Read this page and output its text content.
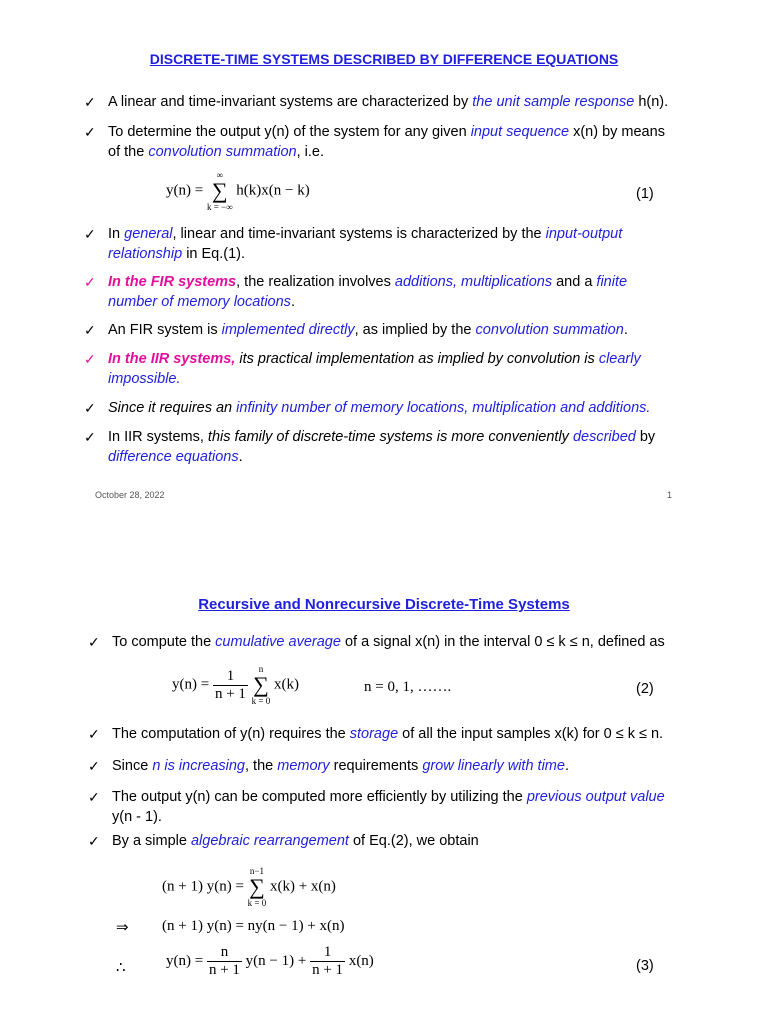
DISCRETE-TIME SYSTEMS DESCRIBED BY DIFFERENCE EQUATIONS
✓ A linear and time-invariant systems are characterized by the unit sample response h(n).
✓ To determine the output y(n) of the system for any given input sequence x(n) by means
of the convolution summation, i.e.
y(n) =
∞
∑
k = −∞
h(k)x(n − k)	(1)
✓ In general, linear and time-invariant systems is characterized by the input-output
relationship in Eq.(1).
✓ In the FIR systems, the realization involves additions, multiplications and a finite
number of memory locations.
✓ An FIR system is implemented directly, as implied by the convolution summation.
✓ In the IIR systems, its practical implementation as implied by convolution is clearly
impossible.
✓ Since it requires an infinity number of memory locations, multiplication and additions.
✓ In IIR systems, this family of discrete-time systems is more conveniently described by
difference equations.
October 28, 2022	1
Recursive and Nonrecursive Discrete-Time Systems
✓ To compute the cumulative average of a signal x(n) in the interval 0 ≤ k ≤ n, defined as
$y(n) = \frac{1}{n + 1}$
	n
∑
k = 0
x(k)	n = 0, 1, …….	(2)
✓ The computation of y(n) requires the storage of all the input samples x(k) for 0 ≤ k ≤ n.
✓ Since n is increasing, the memory requirements grow linearly with time.
✓ The output y(n) can be computed more efficiently by utilizing the previous output value
y(n - 1).
✓ By a simple algebraic rearrangement of Eq.(2), we obtain
(n + 1) y(n) =
n−1
∑
k = 0
x(k) + x(n)
⇒ (n + 1) y(n) = ny(n − 1) + x(n)
∴	$y(n) = \frac{n}{n + 1} y(n - 1) + \frac{1}{n + 1} x(n)$	(3)
